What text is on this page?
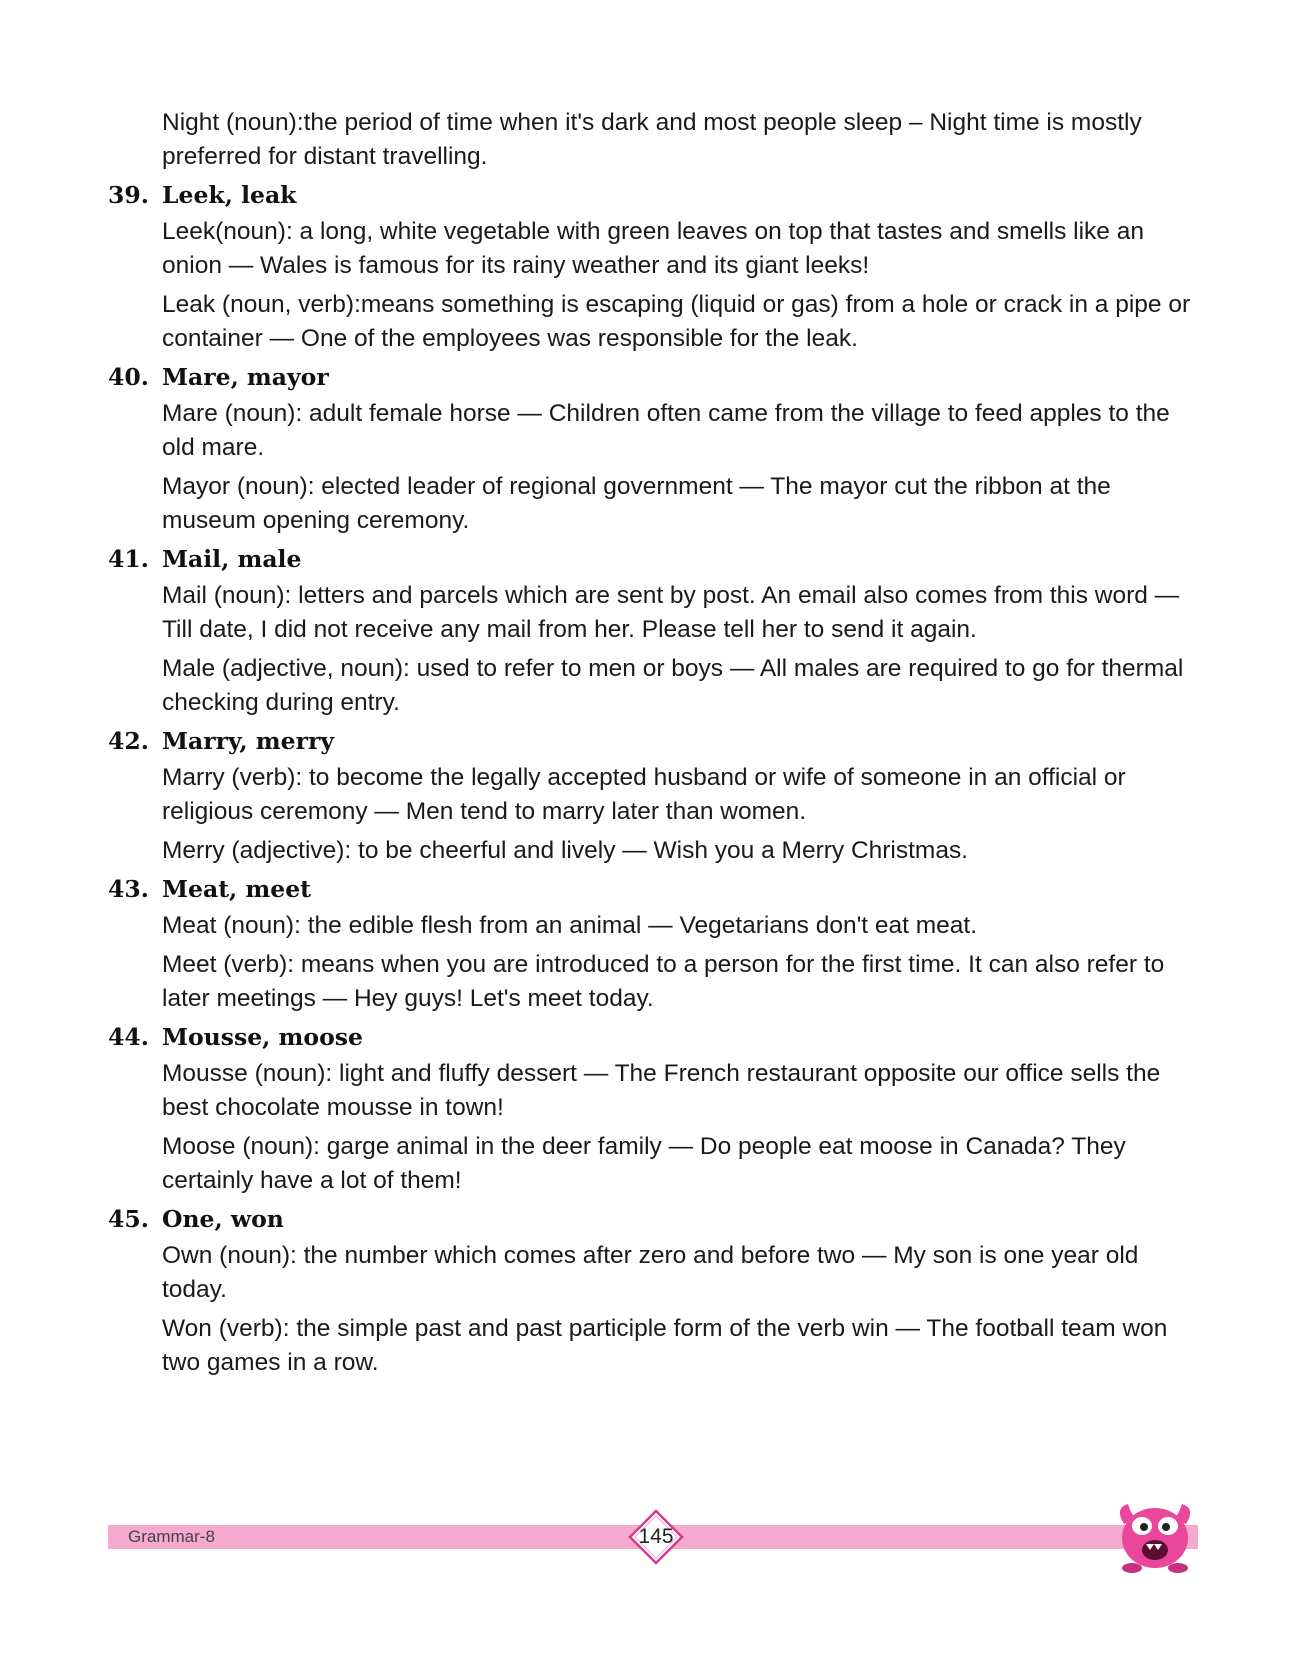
Night (noun):the period of time when it's dark and most people sleep – Night time is mostly preferred for distant travelling.

39. Leek, leak

Leek(noun): a long, white vegetable with green leaves on top that tastes and smells like an onion — Wales is famous for its rainy weather and its giant leeks!

Leak (noun, verb):means something is escaping (liquid or gas) from a hole or crack in a pipe or container — One of the employees was responsible for the leak.

40. Mare, mayor

Mare (noun): adult female horse — Children often came from the village to feed apples to the old mare.

Mayor (noun): elected leader of regional government — The mayor cut the ribbon at the museum opening ceremony.

41. Mail, male

Mail (noun): letters and parcels which are sent by post. An email also comes from this word — Till date, I did not receive any mail from her. Please tell her to send it again.

Male (adjective, noun): used to refer to men or boys — All males are required to go for thermal checking during entry.

42. Marry, merry

Marry (verb): to become the legally accepted husband or wife of someone in an official or religious ceremony — Men tend to marry later than women.

Merry (adjective): to be cheerful and lively — Wish you a Merry Christmas.

43. Meat, meet

Meat (noun): the edible flesh from an animal — Vegetarians don't eat meat.

Meet (verb): means when you are introduced to a person for the first time. It can also refer to later meetings — Hey guys! Let's meet today.

44. Mousse, moose

Mousse (noun): light and fluffy dessert — The French restaurant opposite our office sells the best chocolate mousse in town!

Moose (noun): garge animal in the deer family — Do people eat moose in Canada? They certainly have a lot of them!

45. One, won

Own (noun): the number which comes after zero and before two — My son is one year old today.

Won (verb): the simple past and past participle form of the verb win — The football team won two games in a row.

Grammar-8	145
